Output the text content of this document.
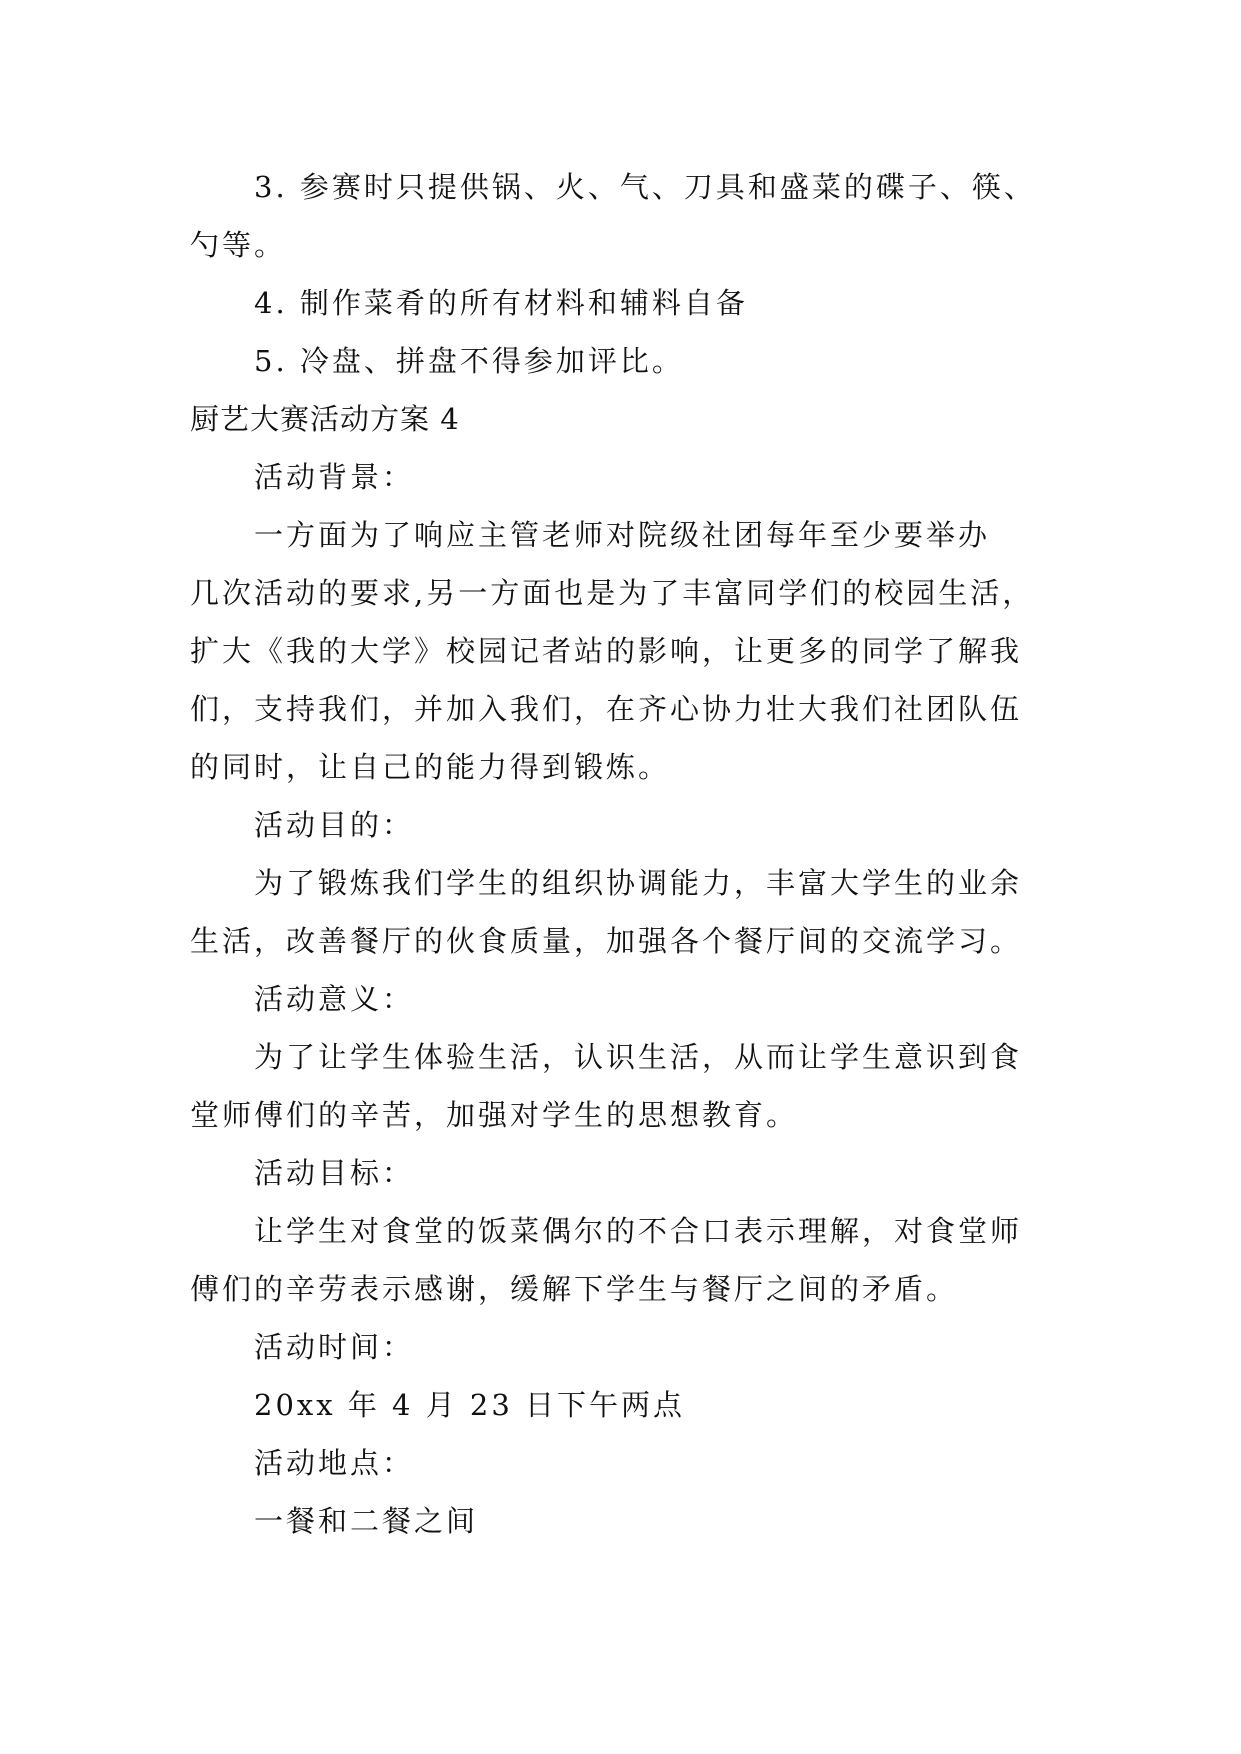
3. 参赛时只提供锅、火、气、刀具和盛菜的碟子、筷、
勺等。
4. 制作菜肴的所有材料和辅料自备
5. 冷盘、拼盘不得参加评比。
厨艺大赛活动方案 4
活动背景：
一方面为了响应主管老师对院级社团每年至少要举办
几次活动的要求,另一方面也是为了丰富同学们的校园生活，
扩大《我的大学》校园记者站的影响，让更多的同学了解我
们，支持我们，并加入我们，在齐心协力壮大我们社团队伍
的同时，让自己的能力得到锻炼。
活动目的：
为了锻炼我们学生的组织协调能力，丰富大学生的业余
生活，改善餐厅的伙食质量，加强各个餐厅间的交流学习。
活动意义：
为了让学生体验生活，认识生活，从而让学生意识到食
堂师傅们的辛苦，加强对学生的思想教育。
活动目标：
让学生对食堂的饭菜偶尔的不合口表示理解，对食堂师
傅们的辛劳表示感谢，缓解下学生与餐厅之间的矛盾。
活动时间：
20xx 年 4 月 23 日下午两点
活动地点：
一餐和二餐之间
